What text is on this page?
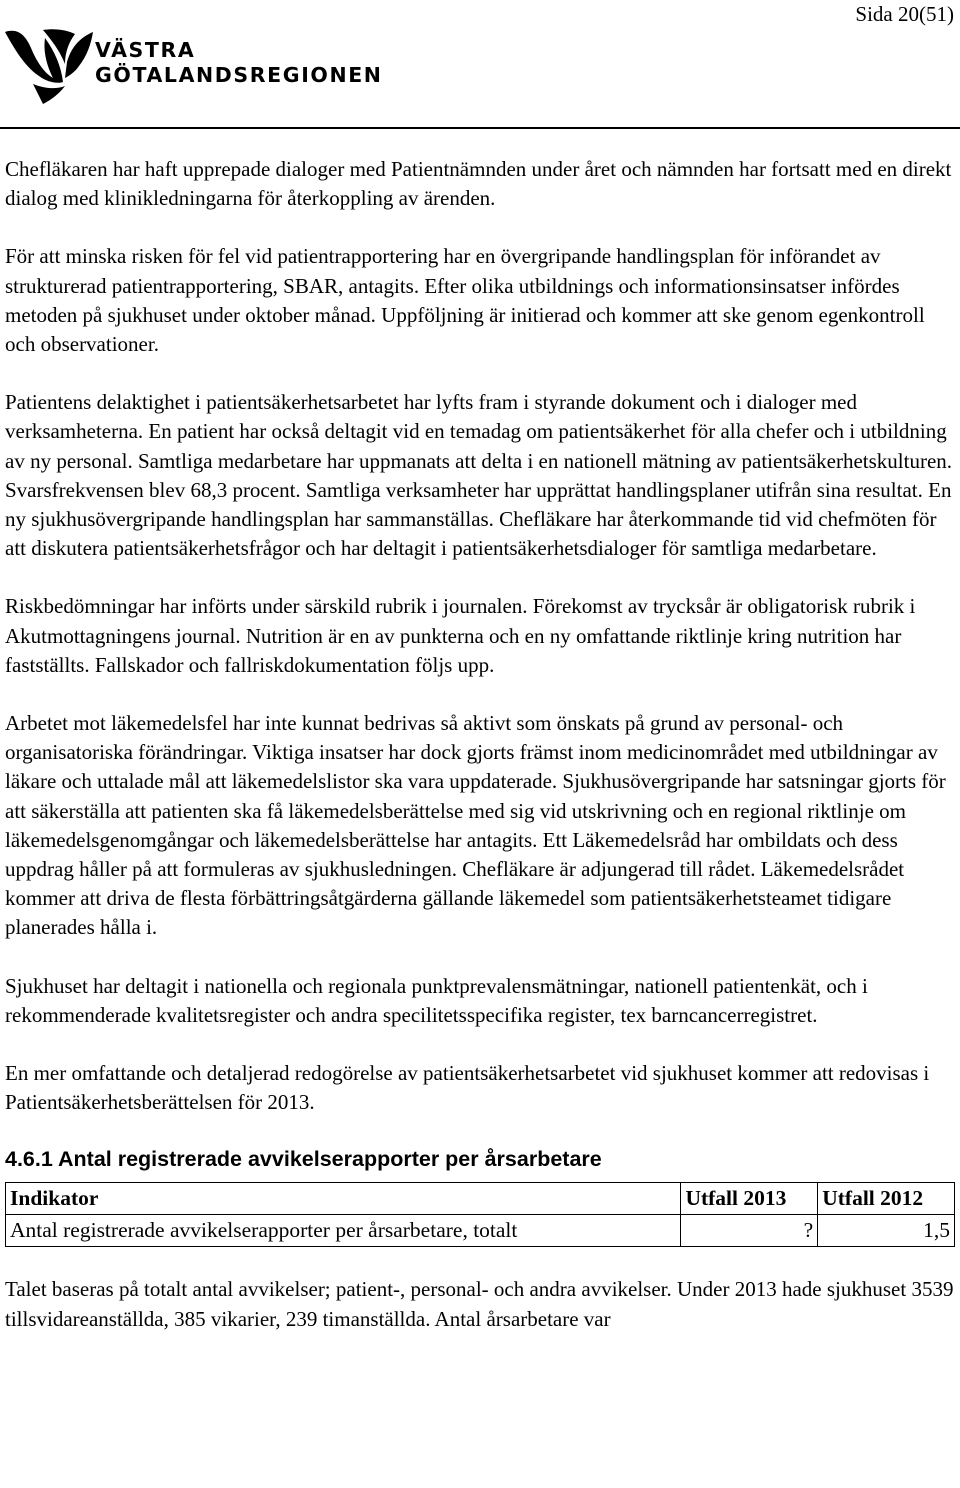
Sida 20(51)
VÄSTRA
GÖTALANDSREGIONEN

Chefläkaren har haft upprepade dialoger med Patientnämnden under året och nämnden har fortsatt med en direkt dialog med klinikledningarna för återkoppling av ärenden.

För att minska risken för fel vid patientrapportering har en övergripande handlingsplan för införandet av strukturerad patientrapportering, SBAR, antagits. Efter olika utbildnings och informationsinsatser infördes metoden på sjukhuset under oktober månad. Uppföljning är initierad och kommer att ske genom egenkontroll och observationer.

Patientens delaktighet i patientsäkerhetsarbetet har lyfts fram i styrande dokument och i dialoger med verksamheterna. En patient har också deltagit vid en temadag om patientsäkerhet för alla chefer och i utbildning av ny personal. Samtliga medarbetare har uppmanats att delta i en nationell mätning av patientsäkerhetskulturen. Svarsfrekvensen blev 68,3 procent. Samtliga verksamheter har upprättat handlingsplaner utifrån sina resultat. En ny sjukhusövergripande handlingsplan har sammanställas. Chefläkare har återkommande tid vid chefmöten för att diskutera patientsäkerhetsfrågor och har deltagit i patientsäkerhetsdialoger för samtliga medarbetare.

Riskbedömningar har införts under särskild rubrik i journalen. Förekomst av trycksår är obligatorisk rubrik i Akutmottagningens journal. Nutrition är en av punkterna och en ny omfattande riktlinje kring nutrition har fastställts. Fallskador och fallriskdokumentation följs upp.

Arbetet mot läkemedelsfel har inte kunnat bedrivas så aktivt som önskats på grund av personal- och organisatoriska förändringar. Viktiga insatser har dock gjorts främst inom medicinområdet med utbildningar av läkare och uttalade mål att läkemedelslistor ska vara uppdaterade. Sjukhusövergripande har satsningar gjorts för att säkerställa att patienten ska få läkemedelsberättelse med sig vid utskrivning och en regional riktlinje om läkemedelsgenomgångar och läkemedelsberättelse har antagits. Ett Läkemedelsråd har ombildats och dess uppdrag håller på att formuleras av sjukhusledningen. Chefläkare är adjungerad till rådet. Läkemedelsrådet kommer att driva de flesta förbättringsåtgärderna gällande läkemedel som patientsäkerhetsteamet tidigare planerades hålla i.

Sjukhuset har deltagit i nationella och regionala punktprevalensmätningar, nationell patientenkät, och i rekommenderade kvalitetsregister och andra specilitetsspecifika register, tex barncancerregistret.

En mer omfattande och detaljerad redogörelse av patientsäkerhetsarbetet vid sjukhuset kommer att redovisas i Patientsäkerhetsberättelsen för 2013.

4.6.1 Antal registrerade avvikelserapporter per årsarbetare
Indikator	Utfall 2013	Utfall 2012
Antal registrerade avvikelserapporter per årsarbetare, totalt	?	1,5

Talet baseras på totalt antal avvikelser; patient-, personal- och andra avvikelser. Under 2013 hade sjukhuset 3539 tillsvidareanställda, 385 vikarier, 239 timanställda. Antal årsarbetare var
